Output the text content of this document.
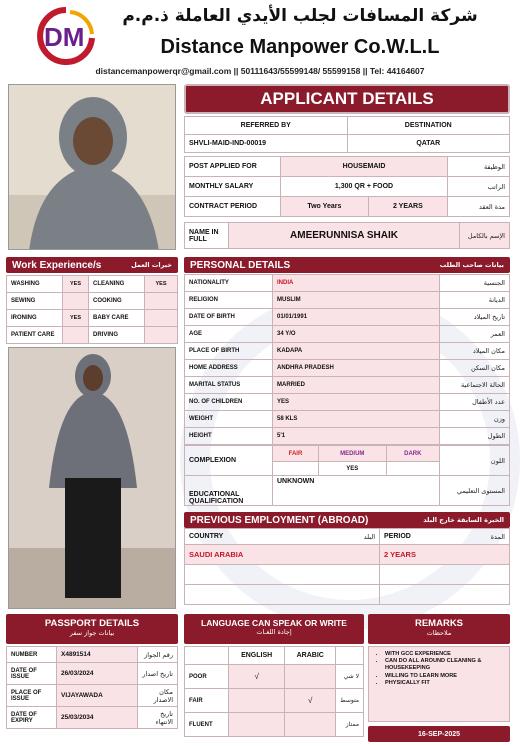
DM
شركة المسافات لجلب الأيدي العاملة ذ.م.م
Distance Manpower Co.W.L.L
distancemanpowerqr@gmail.com || 50111643/55599148/ 55599158 || Tel: 44164607
APPLICANT DETAILS
REFERRED BY	DESTINATION
SHVLI-MAID-IND-00019	QATAR
POST APPLIED FOR	HOUSEMAID		الوظيفة
MONTHLY SALARY	1,300 QR + FOOD		الراتب
CONTRACT PERIOD	Two Years	2 YEARS	مدة العقد
NAME IN FULL	AMEERUNNISA SHAIK	الإسم بالكامل
Work Experience/s	خبرات العمل
WASHING	YES	CLEANING	YES
SEWING		COOKING	
IRONING	YES	BABY CARE	
PATIENT CARE		DRIVING	
PERSONAL DETAILS	بيانات صاحب الطلب
NATIONALITY	INDIA	الجنسية
RELIGION	MUSLIM	الديانة
DATE OF BIRTH	01/01/1991	تاريخ الميلاد
AGE	34 Y/O	العمر
PLACE OF BIRTH	KADAPA	مكان الميلاد
HOME ADDRESS	ANDHRA PRADESH	مكان السكن
MARITAL STATUS	MARRIED	الحالة الاجتماعية
NO. OF CHILDREN	YES	عدد الأطفال
WEIGHT	58 KLS	وزن
HEIGHT	5'1	الطول
COMPLEXION	FAIR	MEDIUM	DARK	اللون
		YES		
EDUCATIONAL QUALIFICATION	UNKNOWN			المستوى التعليمي
PREVIOUS EMPLOYMENT (ABROAD)	الخبرة السابقة خارج البلد
COUNTRY	البلد	PERIOD	المدة
SAUDI ARABIA		2 YEARS	

PASSPORT DETAILS
بيانات جواز سفر
NUMBER	X4891514	رقم الجواز
DATE OF ISSUE	26/03/2024	تاريخ اصدار
PLACE OF ISSUE	VIJAYAWADA	مكان الاصدار
DATE OF EXPIRY	25/03/2034	تاريخ الانتهاء
LANGUAGE CAN SPEAK OR WRITE
إجادة اللغـات
	ENGLISH	ARABIC	
POOR	√		لا شي
FAIR		√	متوسط
FLUENT			ممتاز
REMARKS
ملاحظات
• WITH GCC EXPERIENCE
• CAN DO ALL AROUND CLEANING & HOUSEKEEPING
• WILLING TO LEARN MORE
• PHYSICALLY FIT
16-SEP-2025
